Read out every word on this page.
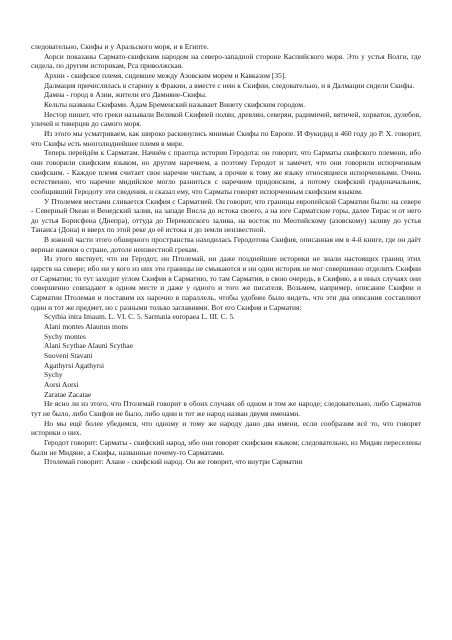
следовательно, Скифы и у Аральского моря, и в Египте.

Аорси показаны Сармато-скифским народом на северо-западной стороне Каспийского моря. Это у устья Волги, где сидела, по другим историкам, Рса приволжская.

Архии - скифское племя, сидевшее между Азовским морем и Кавказом [35].

Далмация причислялась в старину к Фракии, а вместе с нею к Скифии, следовательно, и в Далмации сидели Скифы.

Дамна - город в Азии, жители его Дамняне-Скифы.

Кельты названы Скифами. Адам Бременский называет Винету скифским городом.

Нестор пишет, что греки называли Великой Скифией полян, древлян, северян, радимичей, вятичей, хорватов, дулебов, уличей и тиверцев до самого моря.

Из этого мы усматриваем, как широко раскинулись мнимые Скифы по Европе. И Фукидид в 460 году до Р. Х. говорит, что Скифы есть многолюднейшее племя в мире.

Теперь перейдём к Сарматам. Начнём с праотца истории Геродота: он говорит, что Сарматы скифского племени, ибо они говорили скифским языком, но другим наречием, а поэтому Геродот и замечет, что они говорили испорченным скифским. - Каждое племя считает свое наречие чистым, а прочие к тому же языку относящиеся испорченными. Очень естественно, что наречие мидийское могло разниться с наречием придонским, а потому скифский градоначальник, сообщивший Геродоту эти сведения, и сказал ему, что Сарматы говорят испорченным скифским языком.

У Птолемея местами сливается Скифия с Сарматией. Он говорит, что границы европейской Сарматии были: на севере - Северный Океан и Венедский залив, на западе Висла до истока своего, а на юге Сарматские горы, далее Тирас и от него до устья Борисфена (Днепра), оттуда до Перекопского залива, на восток по Меотийскому (азовскому) заливу до устья Танаиса (Дона) и вверх по этой реке до её истока и до земли неизвестной.

В южной части этого обширного пространства находилась Геродотова Скифия, описанная им в 4-й книге, где он даёт верные намеки о стране, дотоле неизвестной грекам.

Из этого явствует, что ни Геродот, ни Птолемай, ни даже позднейшие историки не знали настоящих границ этих царств на севере; ибо ни у кого из них эти границы не смыкаются и ни один историк не мог совершенно отделить Скифии от Сарматии; то тут заходит углом Скифия в Сарматию, то там Сарматия, в свою очередь, в Скифию, а в иных случаях они совершенно совпадают в одном месте и даже у одного и того же писателя. Возьмем, например, описание Скифии и Сарматии Птолемая и поставим их нарочно в параллель, чтобы удобнее было видеть, что эти два описания составляют один и тот же предмет, но с разными только заглавиями. Вот его Скифия и Сарматия:

Scythia intra Imaum. L. VI. C. 5. Sarmatia europaea L. III. C. 5.

Alani montes Alaunus mons

Sychy montes

Alani Scythae Alauni Scythae

Suoveni Stavani

Agathyrsi Agathyrsi

Sychy

Aorsi Aorsi

Zaratae Zacatae

Не ясно ли из этого, что Птолемай говорит в обоих случаях об одном и том же народе; следовательно, либо Сарматов тут не было, либо Скифов не было, либо один и тот же народ назван двумя именами.

Но мы ещё более убедимся, что одному и тому же народу дано два имени, если сообразим всё то, что говорят историки о них.

Геродот говорит: Сарматы - скифский народ, ибо они говорят скифским языком; следовательно, из Мидии переселены были не Мидяне, а Скифы, названные почему-то Сарматами.

Птолемай говорит: Алане - скифский народ. Он же говорит, что внутри Сарматии
